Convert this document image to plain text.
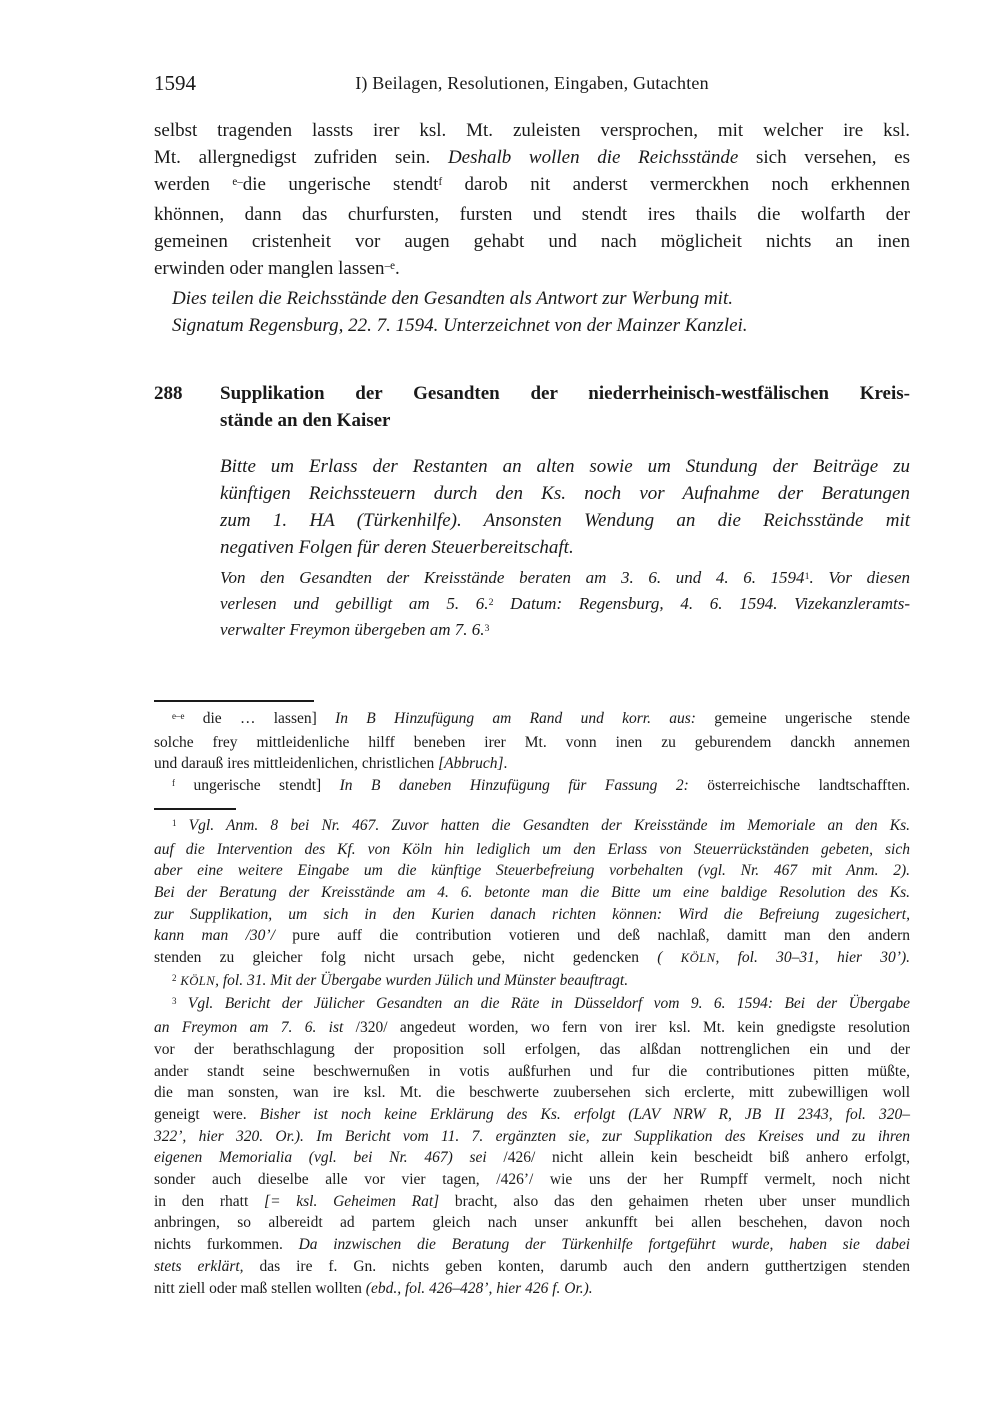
1594	I) Beilagen, Resolutionen, Eingaben, Gutachten
selbst tragenden lassts irer ksl. Mt. zuleisten versprochen, mit welcher ire ksl.
Mt. allergnedigst zufriden sein. Deshalb wollen die Reichsstände sich versehen, es
werden $^{e-}$die ungerische stendt$^f$ darob nit anderst vermerckhen noch erkhennen
khönnen, dann das churfursten, fursten und stendt ires thails die wolfarth der
gemeinen cristenheit vor augen gehabt und nach möglicheit nichts an inen
erwinden oder manglen lassen$^{-e}$.
Dies teilen die Reichsstände den Gesandten als Antwort zur Werbung mit.
Signatum Regensburg, 22. 7. 1594. Unterzeichnet von der Mainzer Kanzlei.
288 Supplikation der Gesandten der niederrheinisch-westfälischen Kreis-
stände an den Kaiser
Bitte um Erlass der Restanten an alten sowie um Stundung der Beiträge zu
künftigen Reichssteuern durch den Ks. noch vor Aufnahme der Beratungen
zum 1. HA (Türkenhilfe). Ansonsten Wendung an die Reichsstände mit
negativen Folgen für deren Steuerbereitschaft.
Von den Gesandten der Kreisstände beraten am 3. 6. und 4. 6. 1594$^1$. Vor diesen
verlesen und gebilligt am 5. 6.$^2$ Datum: Regensburg, 4. 6. 1594. Vizekanzleramts-
verwalter Freymon übergeben am 7. 6.$^3$
$^{e-e}$ die … lassen] In B Hinzufügung am Rand und korr. aus: gemeine ungerische stende
solche frey mittleidenliche hilff beneben irer Mt. vonn inen zu geburendem danckh annemen
und darauß ires mittleidenlichen, christlichen [Abbruch].
$^f$ ungerische stendt] In B daneben Hinzufügung für Fassung 2: österreichische landtschafften.
$^1$ Vgl. Anm. 8 bei Nr. 467. Zuvor hatten die Gesandten der Kreisstände im Memoriale an den Ks.
auf die Intervention des Kf. von Köln hin lediglich um den Erlass von Steuerrückständen gebeten, sich
aber eine weitere Eingabe um die künftige Steuerbefreiung vorbehalten (vgl. Nr. 467 mit Anm. 2).
Bei der Beratung der Kreisstände am 4. 6. betonte man die Bitte um eine baldige Resolution des Ks.
zur Supplikation, um sich in den Kurien danach richten können: Wird die Befreiung zugesichert,
kann man /30’/ pure auff die contribution votieren und deß nachlaß, damitt man den andern
stenden zu gleicher folg nicht ursach gebe, nicht gedencken ( KÖLN, fol. 30–31, hier 30’).
$^2$ KÖLN, fol. 31. Mit der Übergabe wurden Jülich und Münster beauftragt.
$^3$ Vgl. Bericht der Jülicher Gesandten an die Räte in Düsseldorf vom 9. 6. 1594: Bei der Übergabe
an Freymon am 7. 6. ist /320/ angedeut worden, wo fern von irer ksl. Mt. kein gnedigste resolution
vor der berathschlagung der proposition soll erfolgen, das alßdan nottrenglichen ein und der
ander standt seine beschwernußen in votis außfurhen und fur die contributiones pitten müßte,
die man sonsten, wan ire ksl. Mt. die beschwerte zuubersehen sich erclerte, mitt zubewilligen woll
geneigt were. Bisher ist noch keine Erklärung des Ks. erfolgt (LAV NRW R, JB II 2343, fol. 320–
322’, hier 320. Or.). Im Bericht vom 11. 7. ergänzten sie, zur Supplikation des Kreises und zu ihren
eigenen Memorialia (vgl. bei Nr. 467) sei /426/ nicht allein kein bescheidt biß anhero erfolgt,
sonder auch dieselbe alle vor vier tagen, /426’/ wie uns der her Rumpff vermelt, noch nicht
in den rhatt [= ksl. Geheimen Rat] bracht, also das den gehaimen rheten uber unser mundlich
anbringen, so albereidt ad partem gleich nach unser ankunfft bei allen beschehen, davon noch
nichts furkommen. Da inzwischen die Beratung der Türkenhilfe fortgeführt wurde, haben sie dabei
stets erklärt, das ire f. Gn. nichts geben konten, darumb auch den andern gutthertzigen stenden
nitt ziell oder maß stellen wollten (ebd., fol. 426–428’, hier 426 f. Or.).
